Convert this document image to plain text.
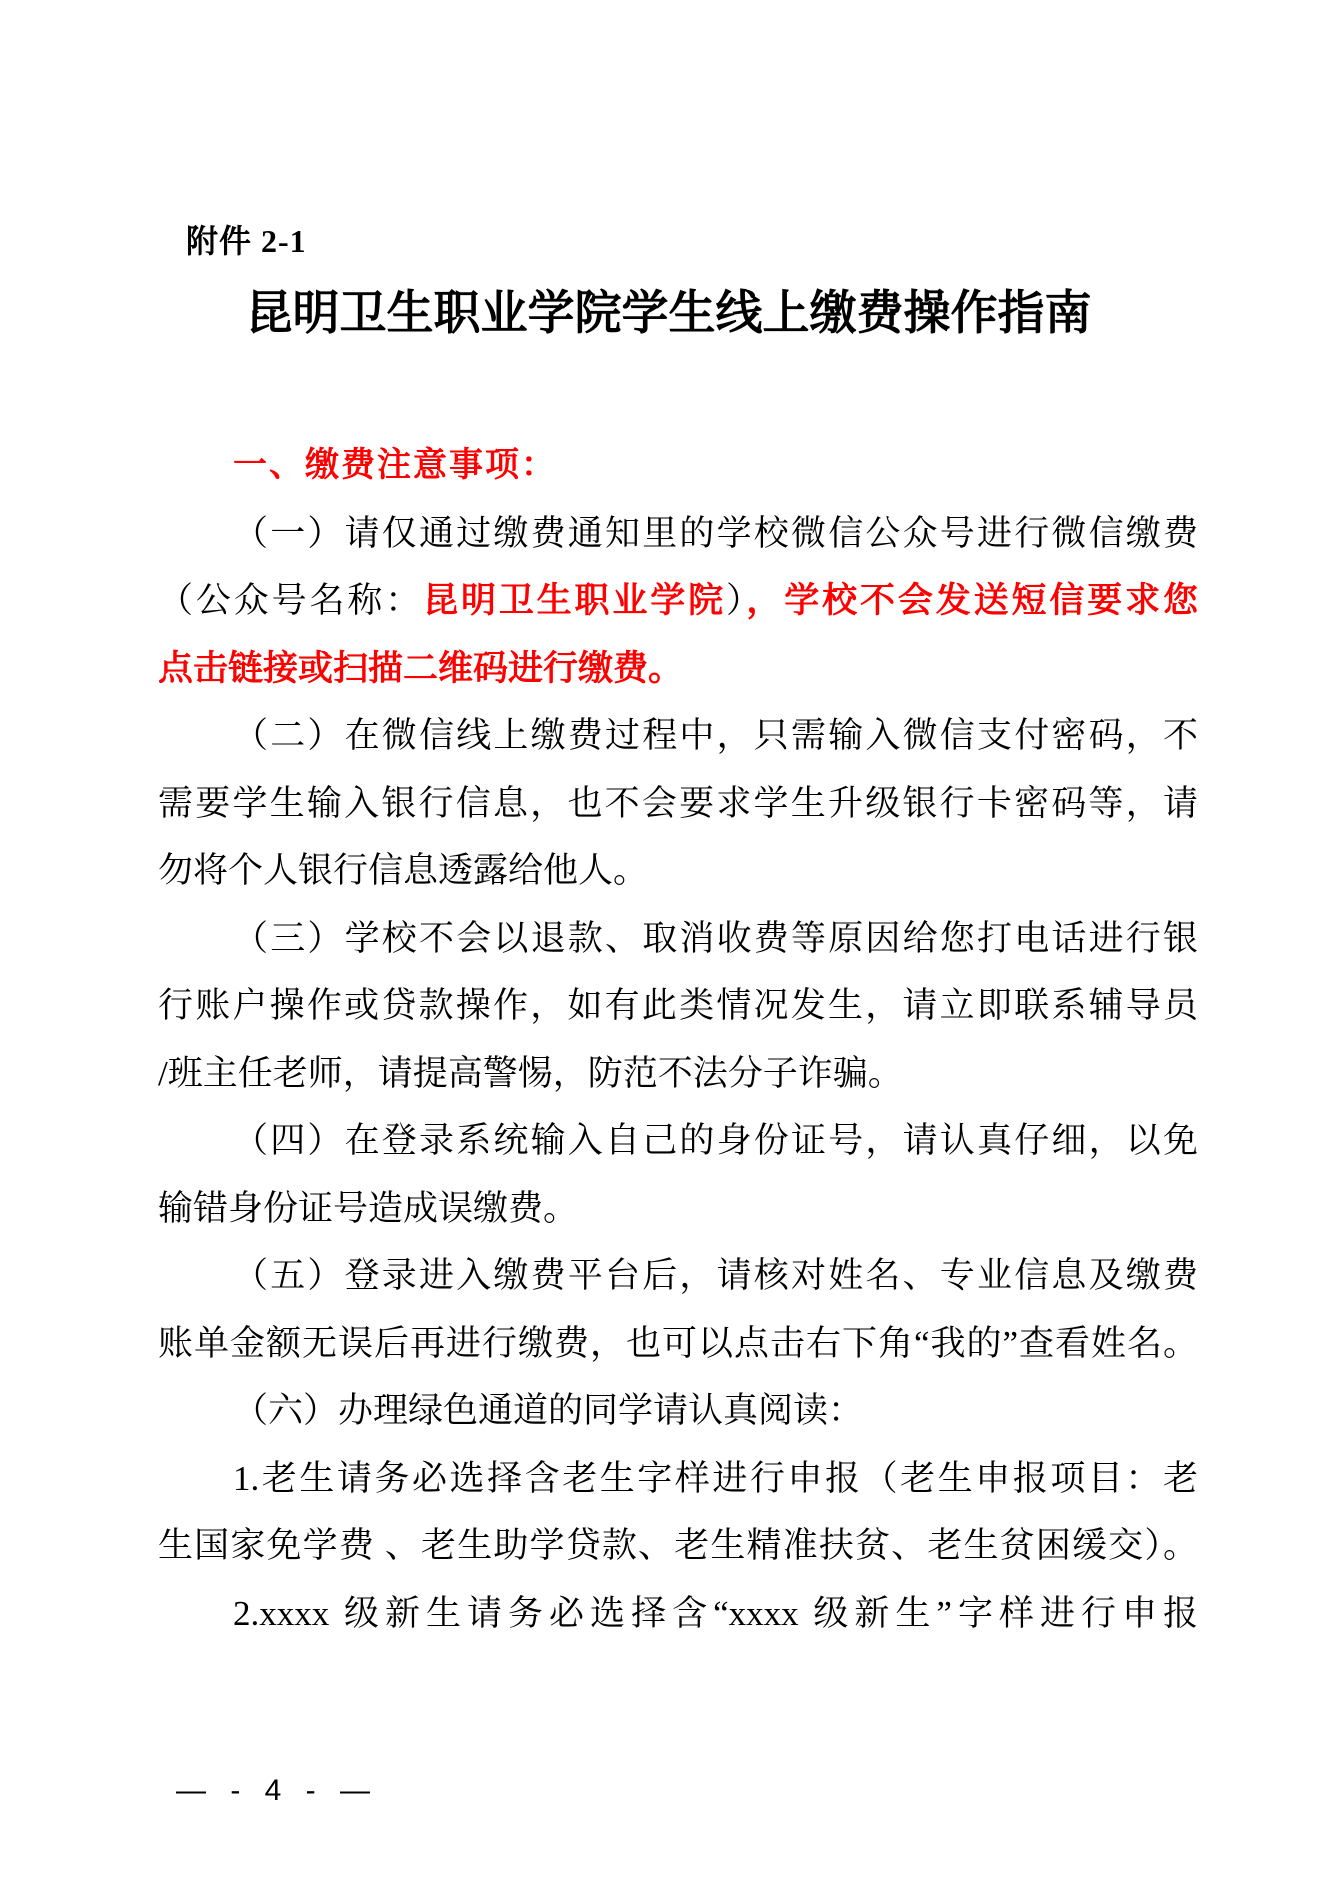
附件 2-1
昆明卫生职业学院学生线上缴费操作指南
一、缴费注意事项：
（一）请仅通过缴费通知里的学校微信公众号进行微信缴费
（公众号名称：昆明卫生职业学院），学校不会发送短信要求您
点击链接或扫描二维码进行缴费。
（二）在微信线上缴费过程中，只需输入微信支付密码，不
需要学生输入银行信息，也不会要求学生升级银行卡密码等，请
勿将个人银行信息透露给他人。
（三）学校不会以退款、取消收费等原因给您打电话进行银
行账户操作或贷款操作，如有此类情况发生，请立即联系辅导员
/班主任老师，请提高警惕，防范不法分子诈骗。
（四）在登录系统输入自己的身份证号，请认真仔细，以免
输错身份证号造成误缴费。
（五）登录进入缴费平台后，请核对姓名、专业信息及缴费
账单金额无误后再进行缴费，也可以点击右下角“我的”查看姓名。
（六）办理绿色通道的同学请认真阅读：
1.老生请务必选择含老生字样进行申报（老生申报项目：老
生国家免学费 、老生助学贷款、老生精准扶贫、老生贫困缓交）。
2.xxxx 级新生请务必选择含“xxxx 级新生”字样进行申报
— - 4 - —
